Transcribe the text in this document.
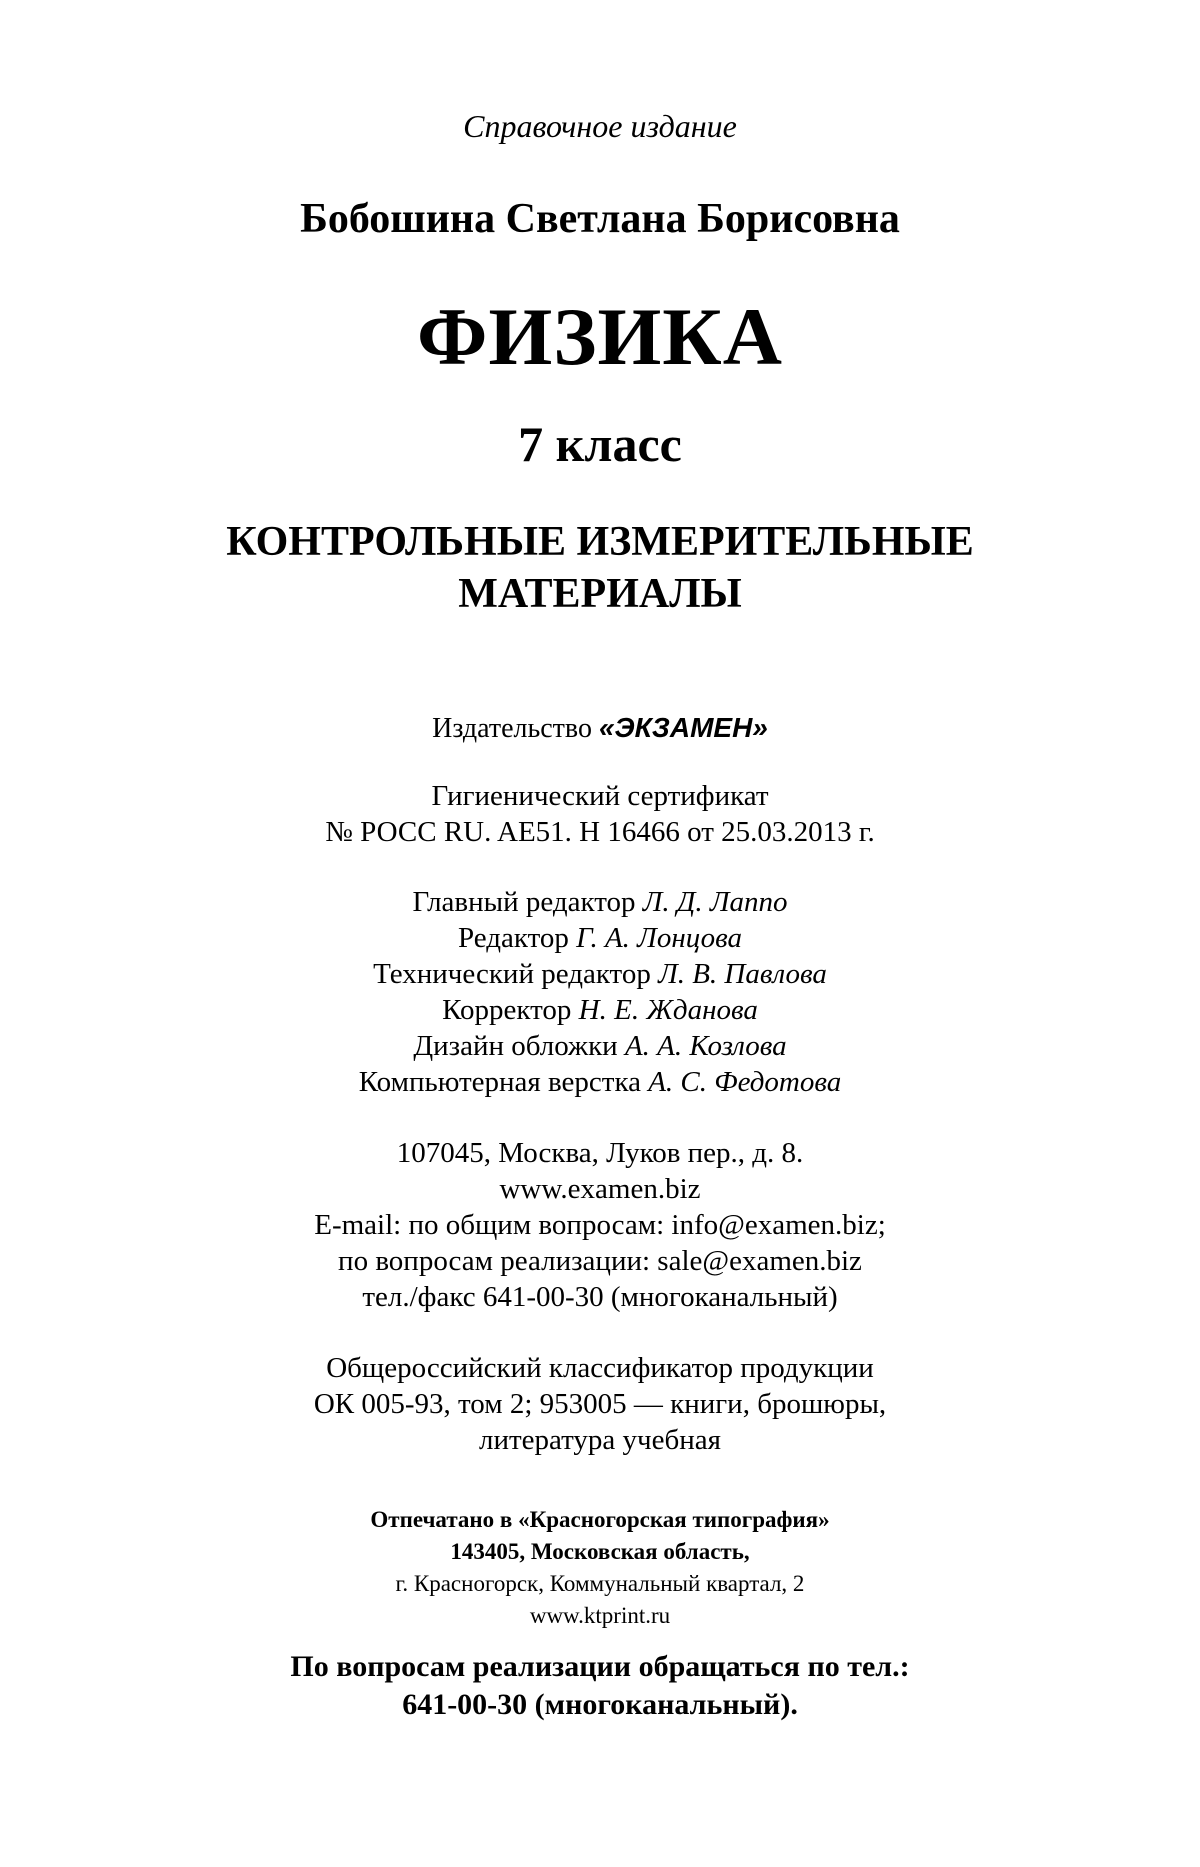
Справочное издание
Бобошина Светлана Борисовна
ФИЗИКА
7 класс
КОНТРОЛЬНЫЕ ИЗМЕРИТЕЛЬНЫЕ
МАТЕРИАЛЫ
Издательство «ЭКЗАМЕН»
Гигиенический сертификат
№ РОСС RU. AE51. H 16466 от 25.03.2013 г.
Главный редактор Л. Д. Лаппо
Редактор Г. А. Лонцова
Технический редактор Л. В. Павлова
Корректор Н. Е. Жданова
Дизайн обложки А. А. Козлова
Компьютерная верстка А. С. Федотова
107045, Москва, Луков пер., д. 8.
www.examen.biz
E-mail: по общим вопросам: info@examen.biz;
по вопросам реализации: sale@examen.biz
тел./факс 641-00-30 (многоканальный)
Общероссийский классификатор продукции
ОК 005-93, том 2; 953005 — книги, брошюры,
литература учебная
Отпечатано в «Красногорская типография»
143405, Московская область,
г. Красногорск, Коммунальный квартал, 2
www.ktprint.ru
По вопросам реализации обращаться по тел.:
641-00-30 (многоканальный).
